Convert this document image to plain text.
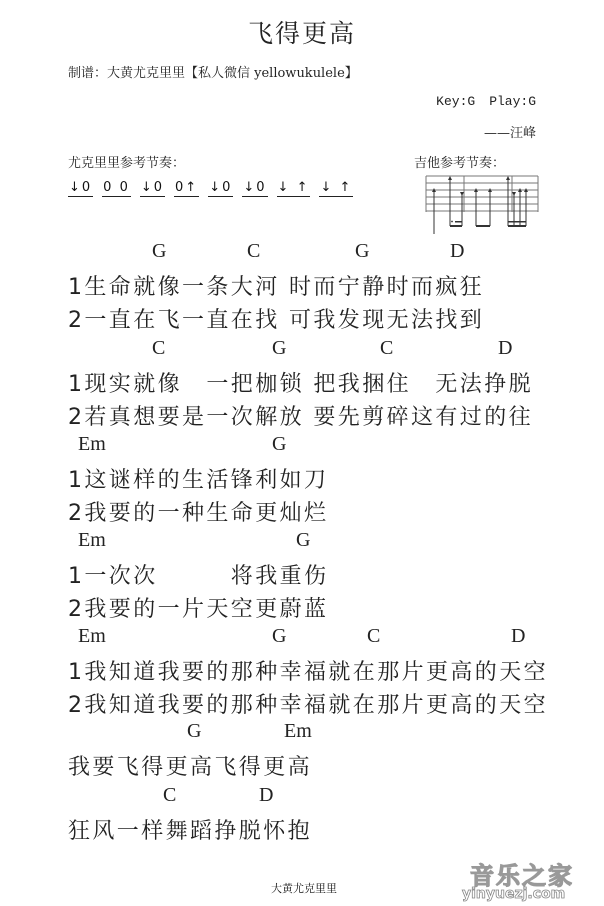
飞得更高
制谱：大黄尤克里里【私人微信 yellowukulele】
Key:G Play:G
——汪峰
尤克里里参考节奏：	吉他参考节奏：
↓0 0 0 ↓0 0↑ ↓0 ↓0 ↓ ↑ ↓ ↑
G	C	G	D
1生命就像一条大河 时而宁静时而疯狂
2一直在飞一直在找 可我发现无法找到
C	G	C	D
1现实就像　一把枷锁 把我捆住　无法挣脱
2若真想要是一次解放 要先剪碎这有过的往
Em	G
1这谜样的生活锋利如刀
2我要的一种生命更灿烂
Em	G
1一次次　　　将我重伤
2我要的一片天空更蔚蓝
Em	G	C	D
1我知道我要的那种幸福就在那片更高的天空
2我知道我要的那种幸福就在那片更高的天空
G	Em
我要飞得更高飞得更高
C	D
狂风一样舞蹈挣脱怀抱
大黄尤克里里	音乐之家
yinyuezj.com
